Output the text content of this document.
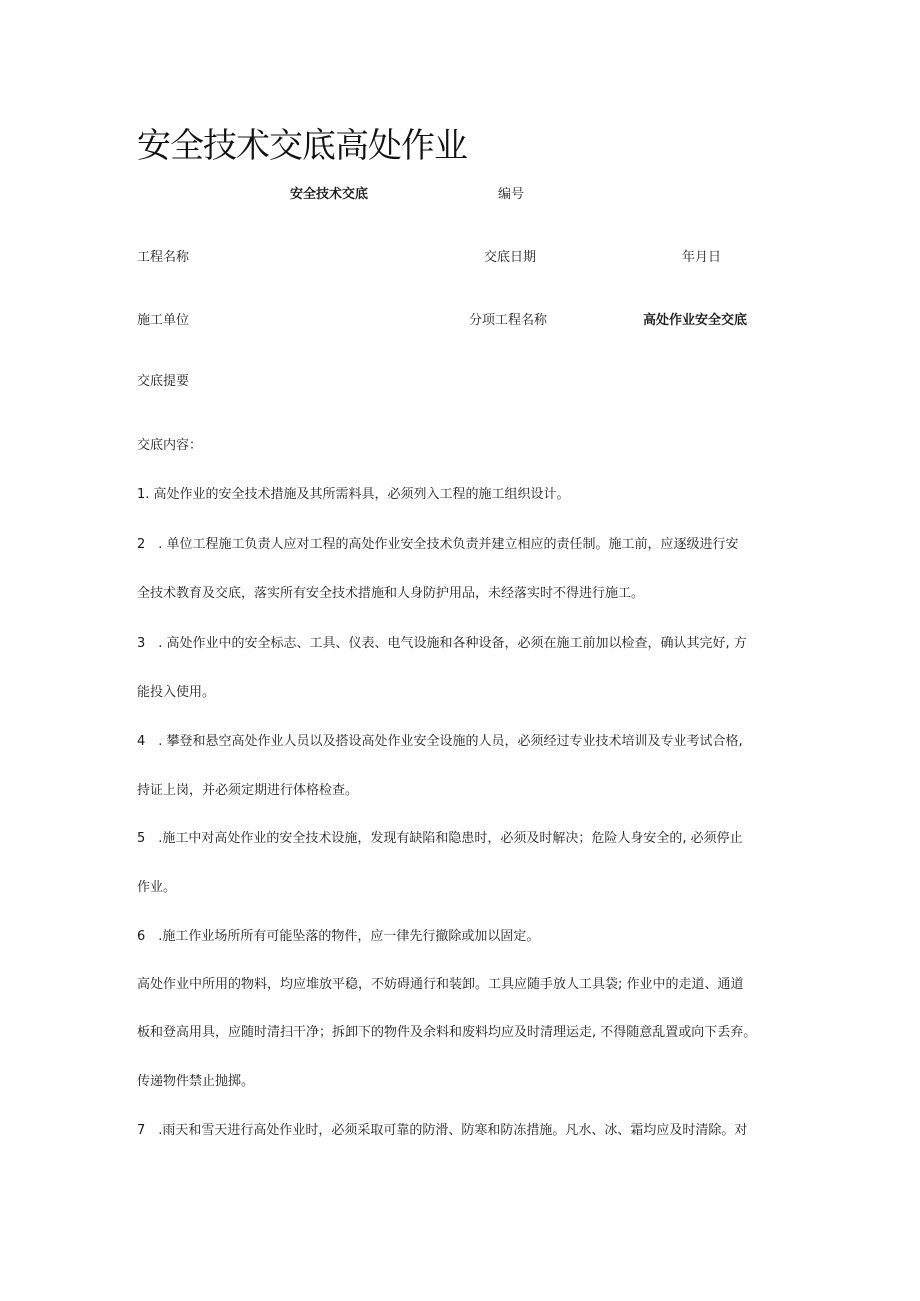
安全技术交底高处作业
安全技术交底	编号
工程名称	交底日期	年月日
施工单位	分项工程名称	高处作业安全交底
交底提要
交底内容：
1. 高处作业的安全技术措施及其所需料具，必须列入工程的施工组织设计。
2　. 单位工程施工负责人应对工程的高处作业安全技术负责并建立相应的责任制。施工前，应逐级进行安
全技术教育及交底，落实所有安全技术措施和人身防护用品，未经落实时不得进行施工。
3　. 高处作业中的安全标志、工具、仪表、电气设施和各种设备，必须在施工前加以检查，确认其完好, 方
能投入使用。
4　. 攀登和悬空高处作业人员以及搭设高处作业安全设施的人员，必须经过专业技术培训及专业考试合格,
持证上岗，并必须定期进行体格检查。
5　.施工中对高处作业的安全技术设施，发现有缺陷和隐患时，必须及时解决；危险人身安全的, 必须停止
作业。
6　.施工作业场所所有可能坠落的物件，应一律先行撤除或加以固定。
高处作业中所用的物料，均应堆放平稳，不妨碍通行和装卸。工具应随手放人工具袋; 作业中的走道、通道
板和登高用具，应随时清扫干净；拆卸下的物件及余料和废料均应及时清理运走, 不得随意乱置或向下丢弃。
传递物件禁止抛掷。
7　.雨天和雪天进行高处作业时，必须采取可靠的防滑、防寒和防冻措施。凡水、冰、霜均应及时清除。对
